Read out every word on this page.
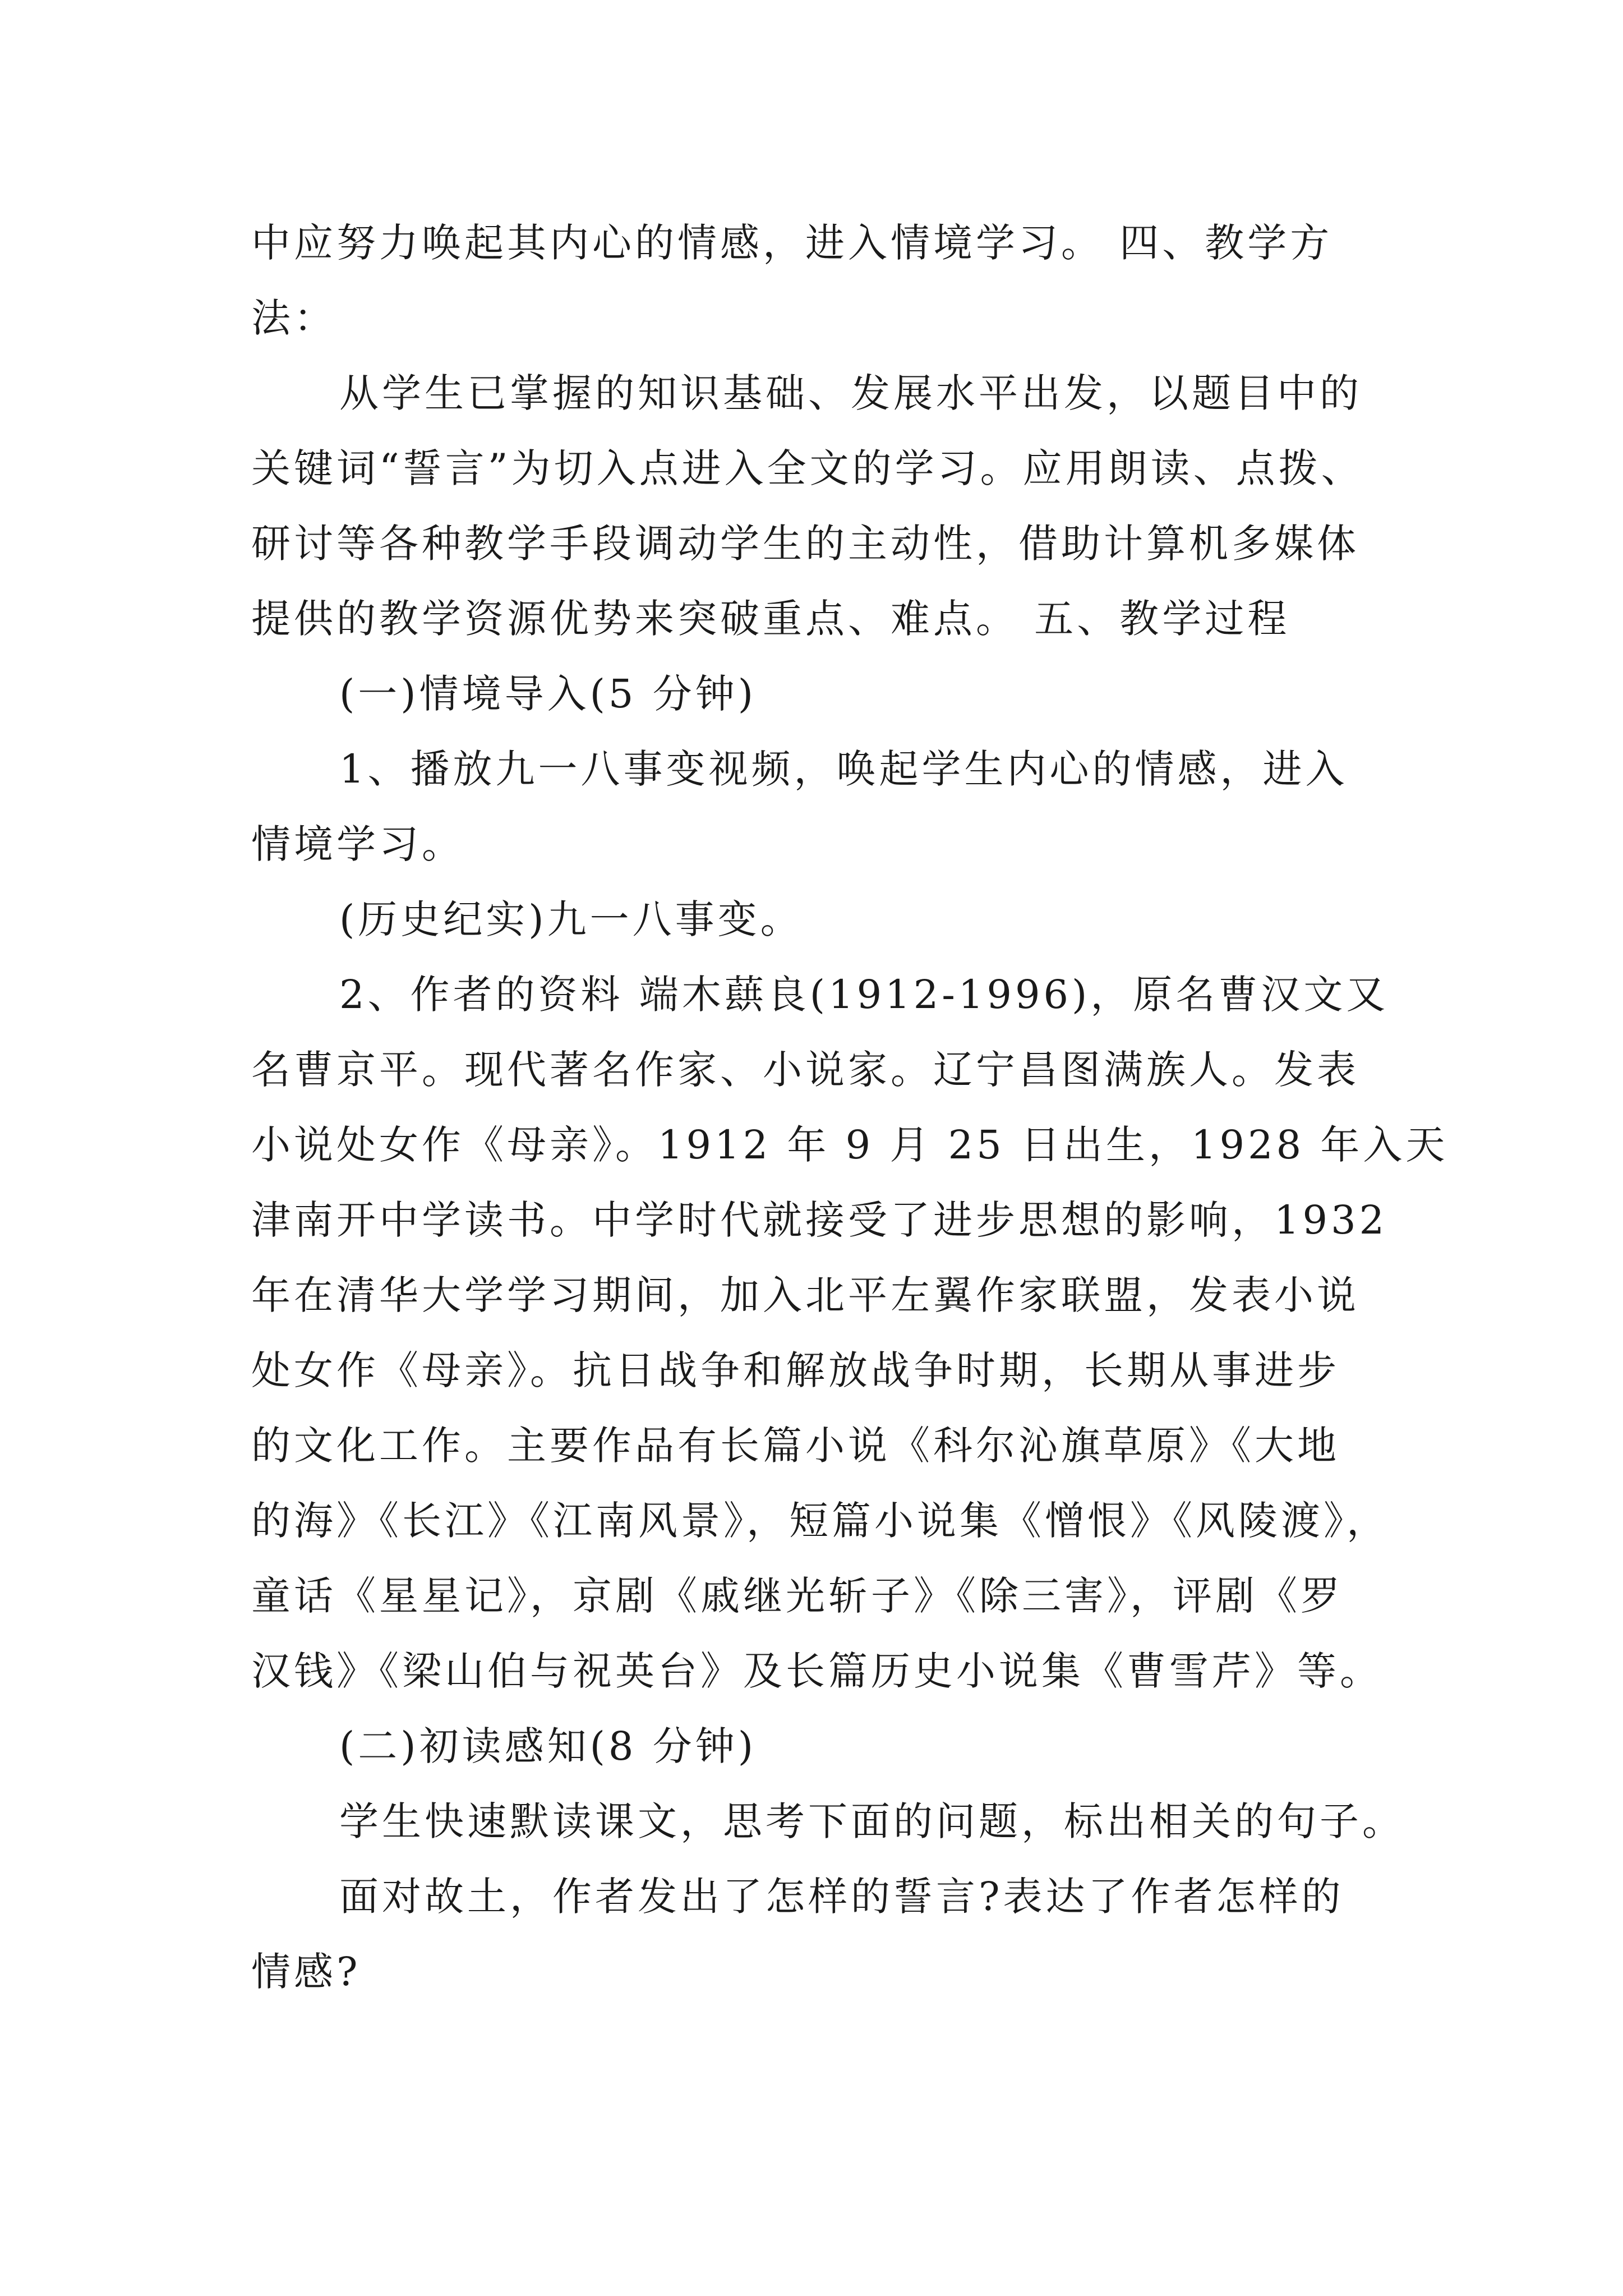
中应努力唤起其内心的情感，进入情境学习。 四、教学方
法：
从学生已掌握的知识基础、发展水平出发，以题目中的
关键词“誓言”为切入点进入全文的学习。应用朗读、点拨、
研讨等各种教学手段调动学生的主动性，借助计算机多媒体
提供的教学资源优势来突破重点、难点。 五、教学过程
(一)情境导入(5 分钟)
1、播放九一八事变视频，唤起学生内心的情感，进入
情境学习。
(历史纪实)九一八事变。
2、作者的资料 端木蕻良(1912-1996)，原名曹汉文又
名曹京平。现代著名作家、小说家。辽宁昌图满族人。发表
小说处女作《母亲》。1912 年 9 月 25 日出生，1928 年入天
津南开中学读书。中学时代就接受了进步思想的影响，1932
年在清华大学学习期间，加入北平左翼作家联盟，发表小说
处女作《母亲》。抗日战争和解放战争时期，长期从事进步
的文化工作。主要作品有长篇小说《科尔沁旗草原》《大地
的海》《长江》《江南风景》，短篇小说集《憎恨》《风陵渡》，
童话《星星记》，京剧《戚继光斩子》《除三害》，评剧《罗
汉钱》《梁山伯与祝英台》及长篇历史小说集《曹雪芹》等。
(二)初读感知(8 分钟)
学生快速默读课文，思考下面的问题，标出相关的句子。
面对故土，作者发出了怎样的誓言?表达了作者怎样的
情感?
